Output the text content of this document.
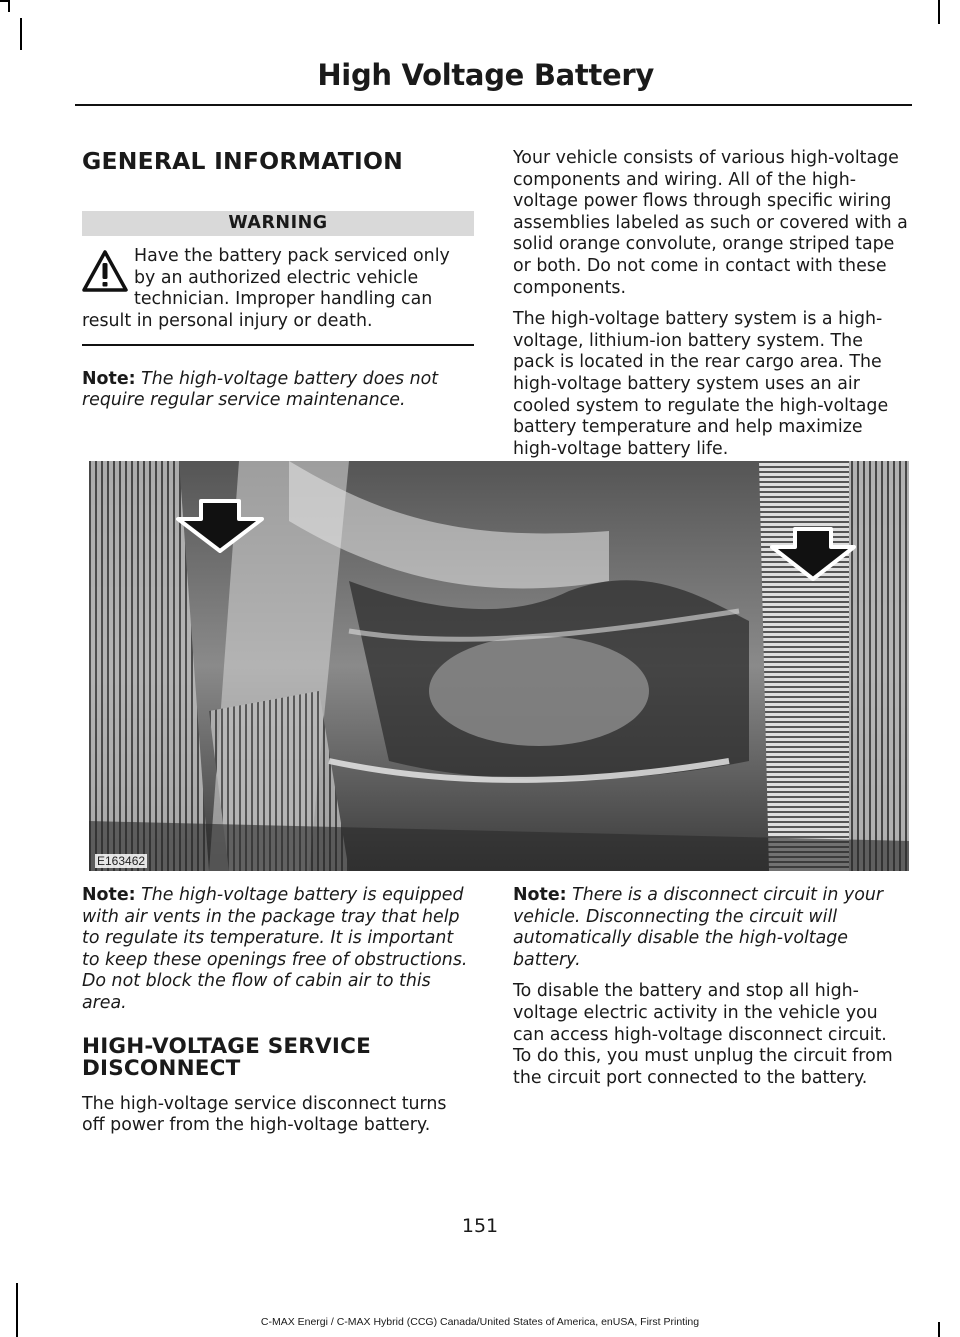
High Voltage Battery
GENERAL INFORMATION
WARNING
Have the battery pack serviced only
by an authorized electric vehicle
technician. Improper handling can
result in personal injury or death.

Note: The high-voltage battery does not require regular service maintenance.

Your vehicle consists of various high-voltage components and wiring. All of the high-voltage power flows through specific wiring assemblies labeled as such or covered with a solid orange convolute, orange striped tape or both. Do not come in contact with these components.

The high-voltage battery system is a high-voltage, lithium-ion battery system. The pack is located in the rear cargo area. The high-voltage battery system uses an air cooled system to regulate the high-voltage battery temperature and help maximize high-voltage battery life.

E163462

Note: The high-voltage battery is equipped with air vents in the package tray that help to regulate its temperature. It is important to keep these openings free of obstructions. Do not block the flow of cabin air to this area.

HIGH-VOLTAGE SERVICE
DISCONNECT

The high-voltage service disconnect turns off power from the high-voltage battery.

Note: There is a disconnect circuit in your vehicle. Disconnecting the circuit will automatically disable the high-voltage battery.

To disable the battery and stop all high-voltage electric activity in the vehicle you can access high-voltage disconnect circuit. To do this, you must unplug the circuit from the circuit port connected to the battery.

151
C-MAX Energi / C-MAX Hybrid (CCG) Canada/United States of America, enUSA, First Printing
